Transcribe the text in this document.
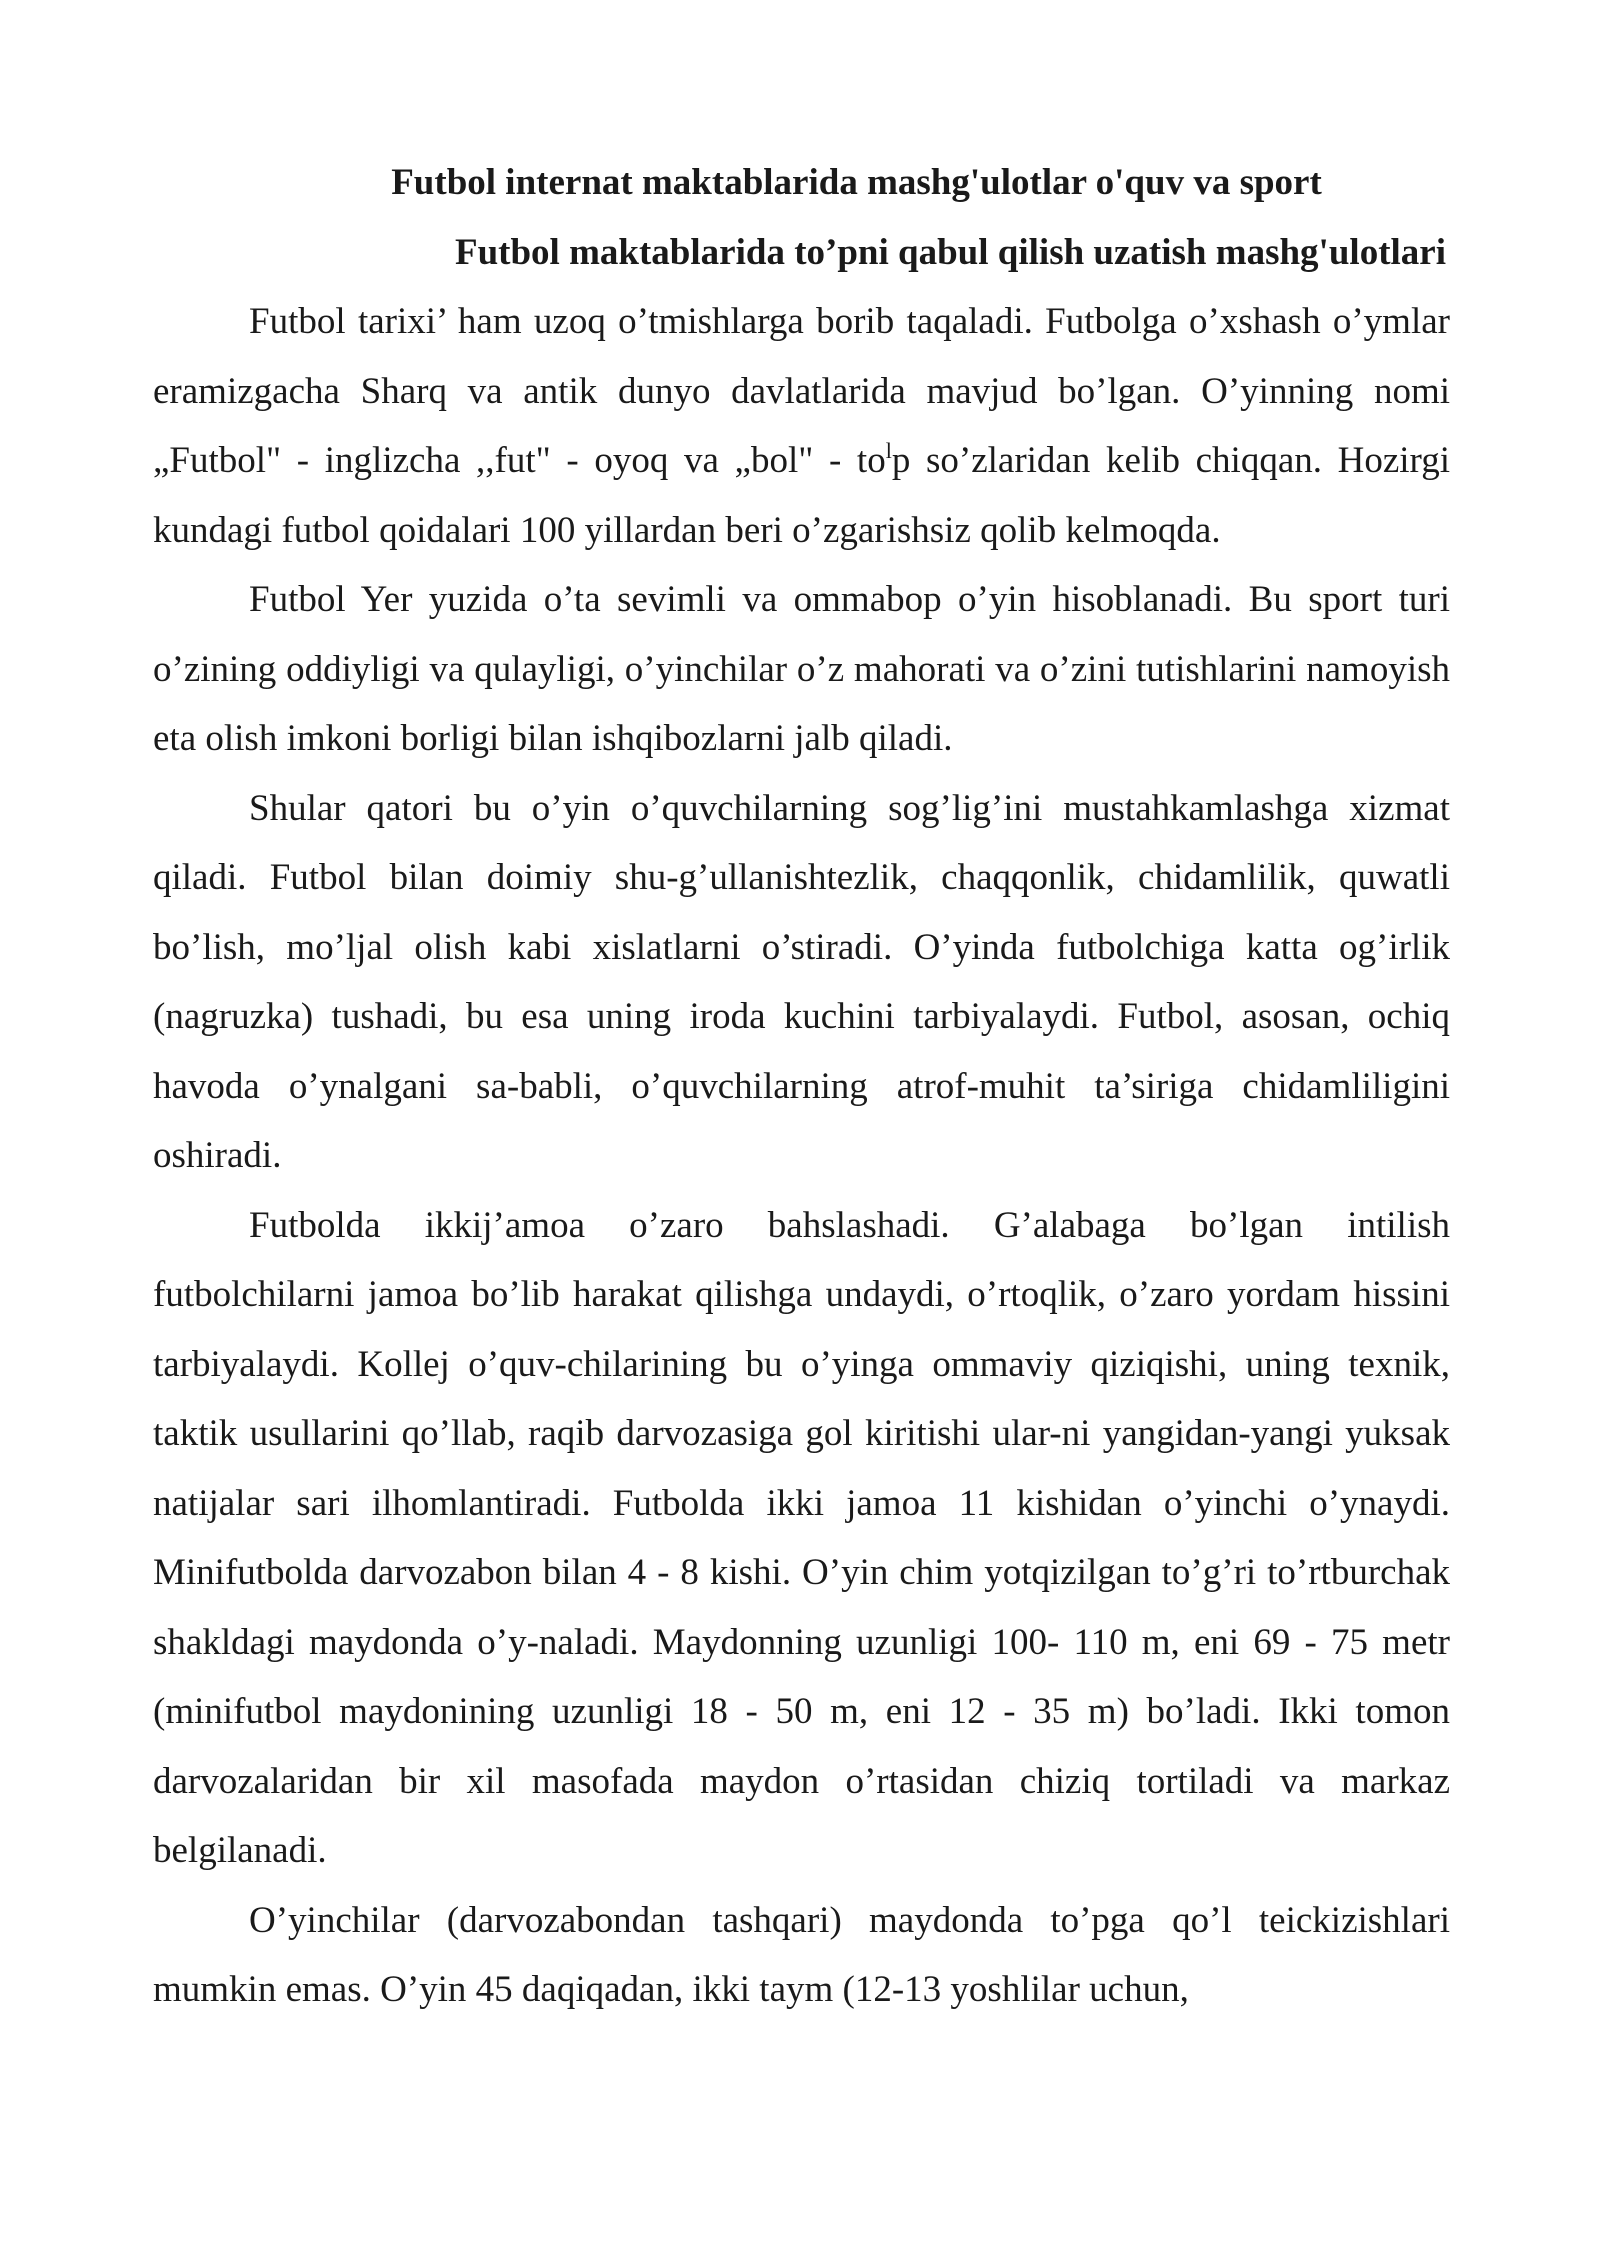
Futbol internat maktablarida mashg'ulotlar o'quv va sport

Futbol maktablarida to’pni qabul qilish uzatish mashg'ulotlari

Futbol tarixi’ ham uzoq o’tmishlarga borib taqaladi. Futbolga o’xshash o’ymlar eramizgacha Sharq va antik dunyo davlatlarida mavjud bo’lgan. O’yinning nomi „Futbol" - inglizcha ,,fut" - oyoq va „bol" - $to^lp$ so’zlaridan kelib chiqqan. Hozirgi kundagi futbol qoidalari 100 yillardan beri o’zgarishsiz qolib kelmoqda.

Futbol Yer yuzida o’ta sevimli va ommabop o’yin hisoblanadi. Bu sport turi o’zining oddiyligi va qulayligi, o’yinchilar o’z mahorati va o’zini tutishlarini namoyish eta olish imkoni borligi bilan ishqibozlarni jalb qiladi.

Shular qatori bu o’yin o’quvchilarning sog’lig’ini mustahkamlashga xizmat qiladi. Futbol bilan doimiy shu-g’ullanishtezlik, chaqqonlik, chidamlilik, quwatli bo’lish, mo’ljal olish kabi xislatlarni o’stiradi. O’yinda futbolchiga katta og’irlik (nagruzka) tushadi, bu esa uning iroda kuchini tarbiyalaydi. Futbol, asosan, ochiq havoda o’ynalgani sa-babli, o’quvchilarning atrof-muhit ta’siriga chidamliligini oshiradi.

Futbolda ikkij’amoa o’zaro bahslashadi. G’alabaga bo’lgan intilish futbolchilarni jamoa bo’lib harakat qilishga undaydi, o’rtoqlik, o’zaro yordam hissini tarbiyalaydi. Kollej o’quv-chilarining bu o’yinga ommaviy qiziqishi, uning texnik, taktik usullarini qo’llab, raqib darvozasiga gol kiritishi ular-ni yangidan-yangi yuksak natijalar sari ilhomlantiradi. Futbolda ikki jamoa 11 kishidan o’yinchi o’ynaydi. Minifutbolda darvozabon bilan 4 - 8 kishi. O’yin chim yotqizilgan to’g’ri to’rtburchak shakldagi maydonda o’y-naladi. Maydonning uzunligi 100- 110 m, eni 69 - 75 metr (minifutbol maydonining uzunligi 18 - 50 m, eni 12 - 35 m) bo’ladi. Ikki tomon darvozalaridan bir xil masofada maydon o’rtasidan chiziq tortiladi va markaz belgilanadi.

O’yinchilar (darvozabondan tashqari) maydonda to’pga qo’l teickizishlari mumkin emas. O’yin 45 daqiqadan, ikki taym (12-13 yoshlilar uchun,
